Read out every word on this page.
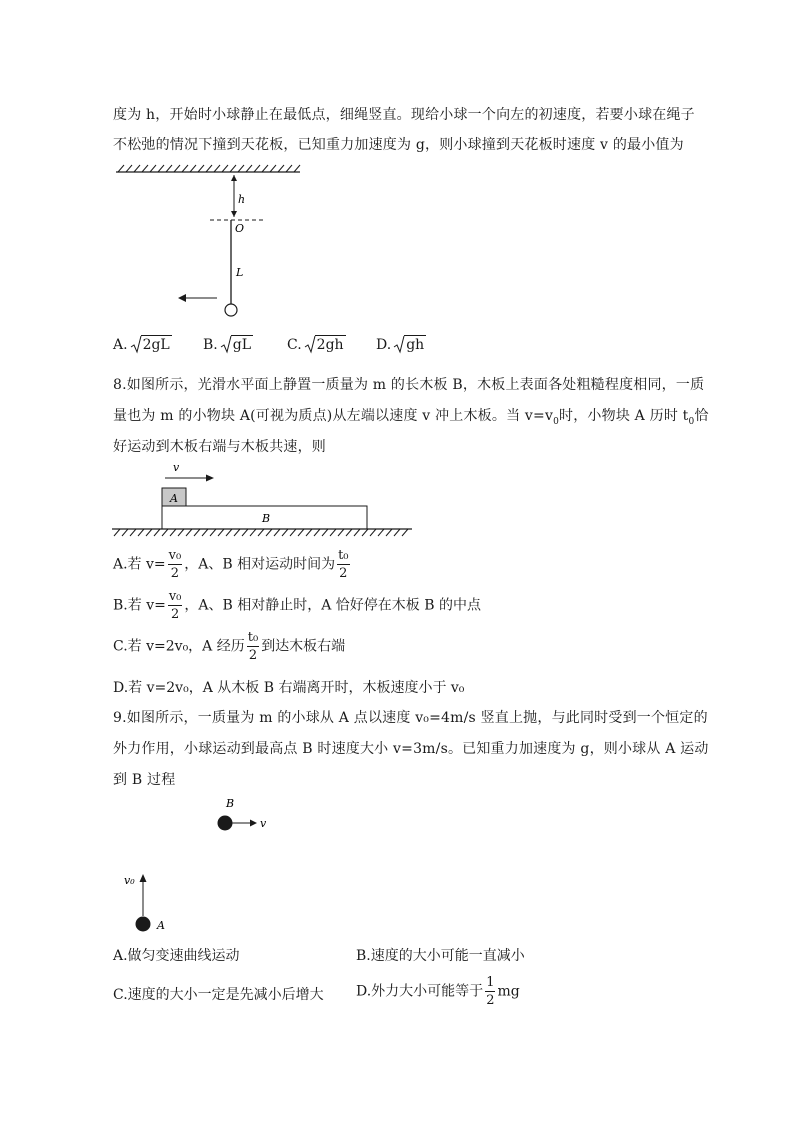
度为 h，开始时小球静止在最低点，细绳竖直。现给小球一个向左的初速度，若要小球在绳子
不松弛的情况下撞到天花板，已知重力加速度为 g，则小球撞到天花板时速度 v 的最小值为
h
O
L
A. 2gL B. gL	C. 2gh D. gh
8.如图所示，光滑水平面上静置一质量为 m 的长木板 B，木板上表面各处粗糙程度相同，一质
量也为 m 的小物块 A(可视为质点)从左端以速度 v 冲上木板。当 $v=v_0$时，小物块 A 历时 $t_0$恰
好运动到木板右端与木板共速，则
v
A
B
A.若 $v= \frac{\text{v₀}}{2}$ ，A、B 相对运动时间为 $\frac{\text{t₀}}{2}$
B.若 $v= \frac{\text{v₀}}{2}$ ，A、B 相对静止时，A 恰好停在木板 B 的中点
C.若 v=2v₀，A 经历 $\frac{\text{t₀}}{2}$ 到达木板右端
D.若 v=2v₀，A 从木板 B 右端离开时，木板速度小于 v₀
9.如图所示，一质量为 m 的小球从 A 点以速度 v₀=4m/s 竖直上抛，与此同时受到一个恒定的
外力作用，小球运动到最高点 B 时速度大小 v=3m/s。已知重力加速度为 g，则小球从 A 运动
到 B 过程
B
v
v₀
A
A.做匀变速曲线运动	B.速度的大小可能一直减小
C.速度的大小一定是先减小后增大 D.外力大小可能等于 $\frac{1}{2}$ mg
